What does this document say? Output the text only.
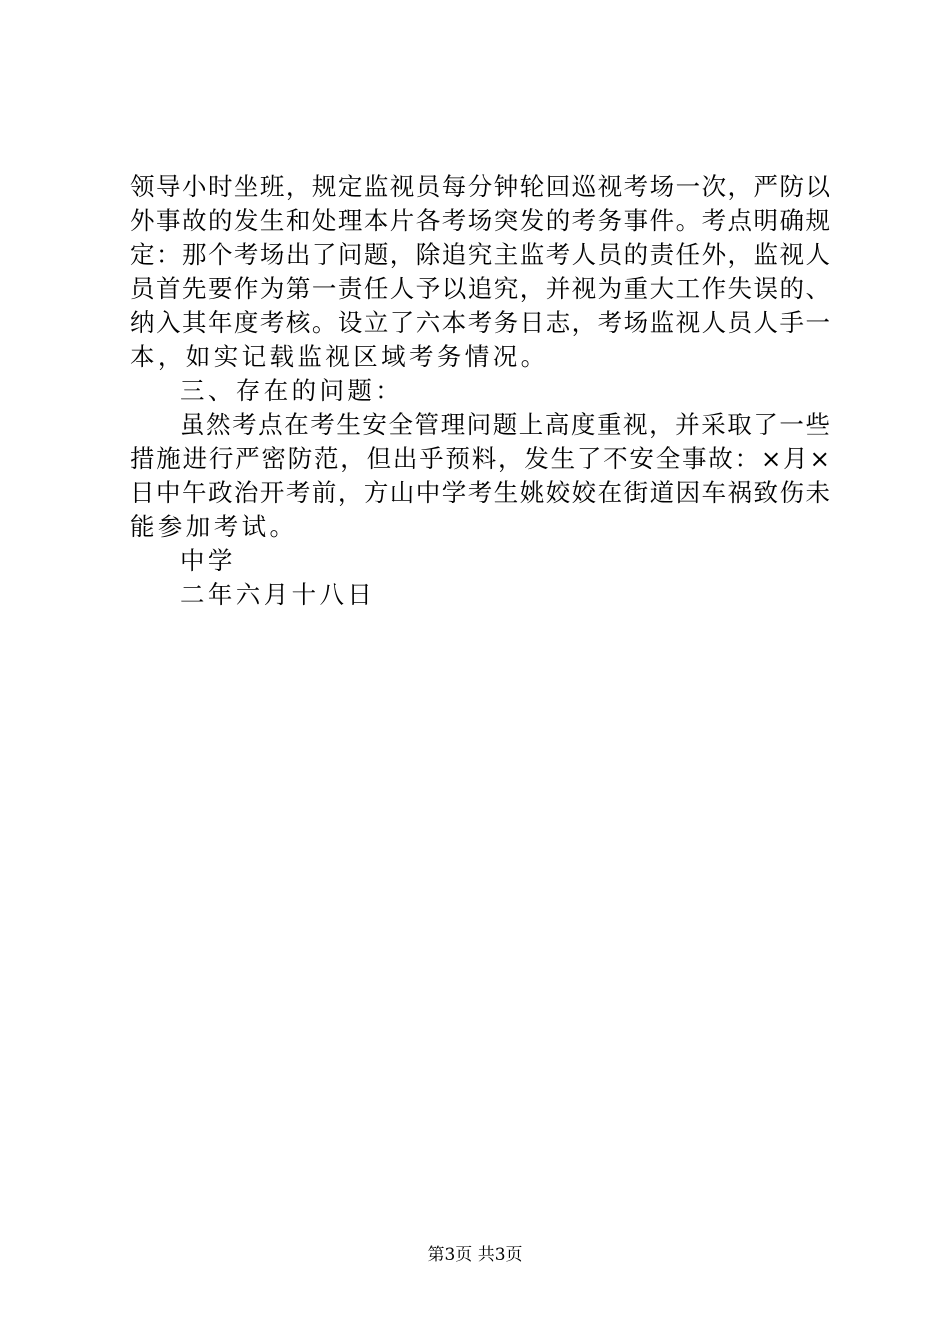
领导小时坐班，规定监视员每分钟轮回巡视考场一次，严防以
外事故的发生和处理本片各考场突发的考务事件。考点明确规
定：那个考场出了问题，除追究主监考人员的责任外，监视人
员首先要作为第一责任人予以追究，并视为重大工作失误的、
纳入其年度考核。设立了六本考务日志，考场监视人员人手一
本，如实记载监视区域考务情况。
三、存在的问题：
虽然考点在考生安全管理问题上高度重视，并采取了一些
措施进行严密防范，但出乎预料，发生了不安全事故：×月×
日中午政治开考前，方山中学考生姚姣姣在街道因车祸致伤未
能参加考试。
中学
二年六月十八日
第3页 共3页
